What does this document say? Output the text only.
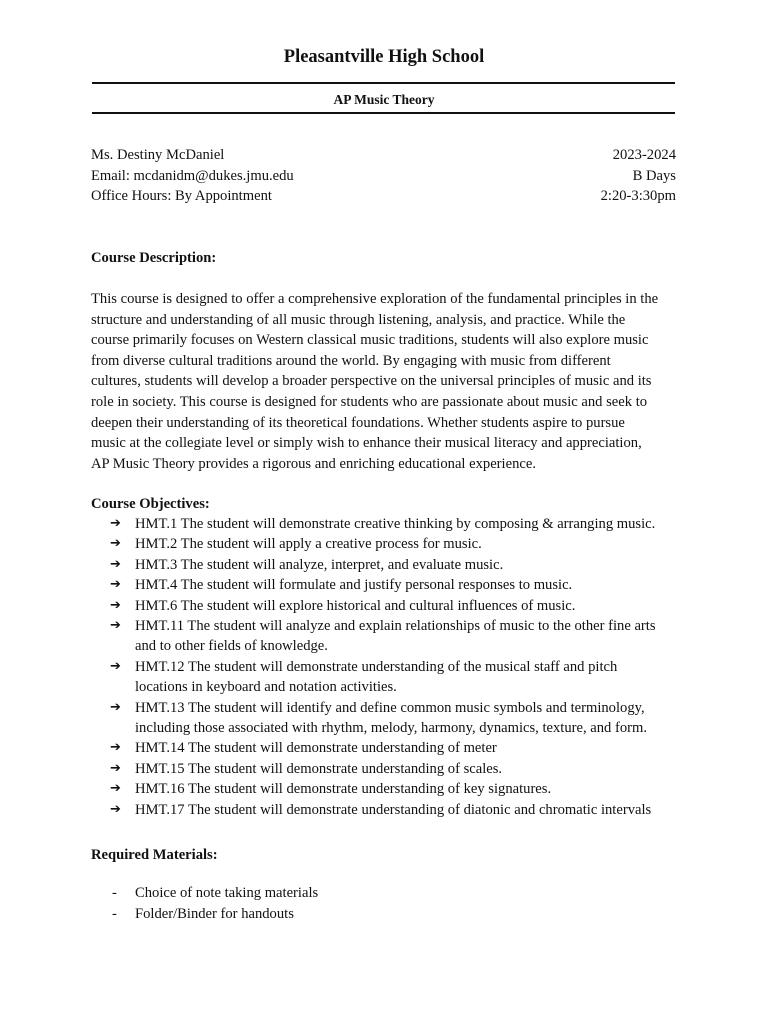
Pleasantville High School
AP Music Theory
Ms. Destiny McDaniel	2023-2024
Email: mcdanidm@dukes.jmu.edu	B Days
Office Hours: By Appointment	2:20-3:30pm
Course Description:

This course is designed to offer a comprehensive exploration of the fundamental principles in the
structure and understanding of all music through listening, analysis, and practice. While the
course primarily focuses on Western classical music traditions, students will also explore music
from diverse cultural traditions around the world. By engaging with music from different
cultures, students will develop a broader perspective on the universal principles of music and its
role in society. This course is designed for students who are passionate about music and seek to
deepen their understanding of its theoretical foundations. Whether students aspire to pursue
music at the collegiate level or simply wish to enhance their musical literacy and appreciation,
AP Music Theory provides a rigorous and enriching educational experience.

Course Objectives:
➔ HMT.1 The student will demonstrate creative thinking by composing & arranging music.
➔ HMT.2 The student will apply a creative process for music.
➔ HMT.3 The student will analyze, interpret, and evaluate music.
➔ HMT.4 The student will formulate and justify personal responses to music.
➔ HMT.6 The student will explore historical and cultural influences of music.
➔ HMT.11 The student will analyze and explain relationships of music to the other fine arts
and to other fields of knowledge.
➔ HMT.12 The student will demonstrate understanding of the musical staff and pitch
locations in keyboard and notation activities.
➔ HMT.13 The student will identify and define common music symbols and terminology,
including those associated with rhythm, melody, harmony, dynamics, texture, and form.
➔ HMT.14 The student will demonstrate understanding of meter
➔ HMT.15 The student will demonstrate understanding of scales.
➔ HMT.16 The student will demonstrate understanding of key signatures.
➔ HMT.17 The student will demonstrate understanding of diatonic and chromatic intervals
Required Materials:
- Choice of note taking materials
- Folder/Binder for handouts
